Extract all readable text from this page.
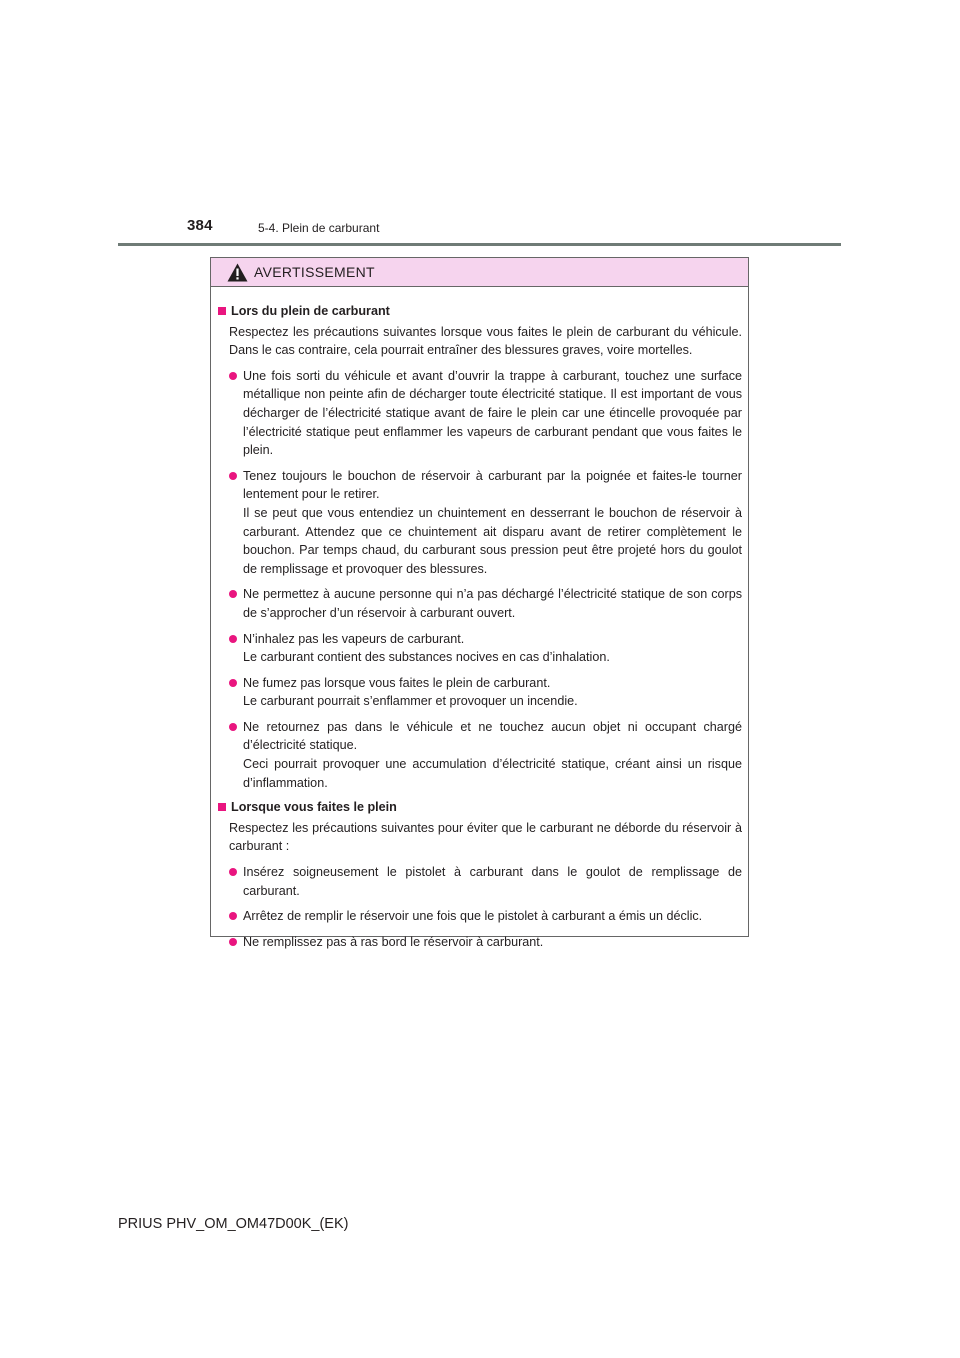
384	5-4. Plein de carburant
AVERTISSEMENT
Lors du plein de carburant
Respectez les précautions suivantes lorsque vous faites le plein de carburant du véhicule. Dans le cas contraire, cela pourrait entraîner des blessures graves, voire mortelles.
Une fois sorti du véhicule et avant d’ouvrir la trappe à carburant, touchez une surface métallique non peinte afin de décharger toute électricité statique. Il est important de vous décharger de l’électricité statique avant de faire le plein car une étincelle provoquée par l’électricité statique peut enflammer les vapeurs de carburant pendant que vous faites le plein.
Tenez toujours le bouchon de réservoir à carburant par la poignée et faites-le tourner lentement pour le retirer.
Il se peut que vous entendiez un chuintement en desserrant le bouchon de réservoir à carburant. Attendez que ce chuintement ait disparu avant de retirer complètement le bouchon. Par temps chaud, du carburant sous pression peut être projeté hors du goulot de remplissage et provoquer des blessures.
Ne permettez à aucune personne qui n’a pas déchargé l’électricité statique de son corps de s’approcher d’un réservoir à carburant ouvert.
N’inhalez pas les vapeurs de carburant.
Le carburant contient des substances nocives en cas d’inhalation.
Ne fumez pas lorsque vous faites le plein de carburant.
Le carburant pourrait s’enflammer et provoquer un incendie.
Ne retournez pas dans le véhicule et ne touchez aucun objet ni occupant chargé d’électricité statique.
Ceci pourrait provoquer une accumulation d’électricité statique, créant ainsi un risque d’inflammation.
Lorsque vous faites le plein
Respectez les précautions suivantes pour éviter que le carburant ne déborde du réservoir à carburant :
Insérez soigneusement le pistolet à carburant dans le goulot de remplissage de carburant.
Arrêtez de remplir le réservoir une fois que le pistolet à carburant a émis un déclic.
Ne remplissez pas à ras bord le réservoir à carburant.
PRIUS PHV_OM_OM47D00K_(EK)
